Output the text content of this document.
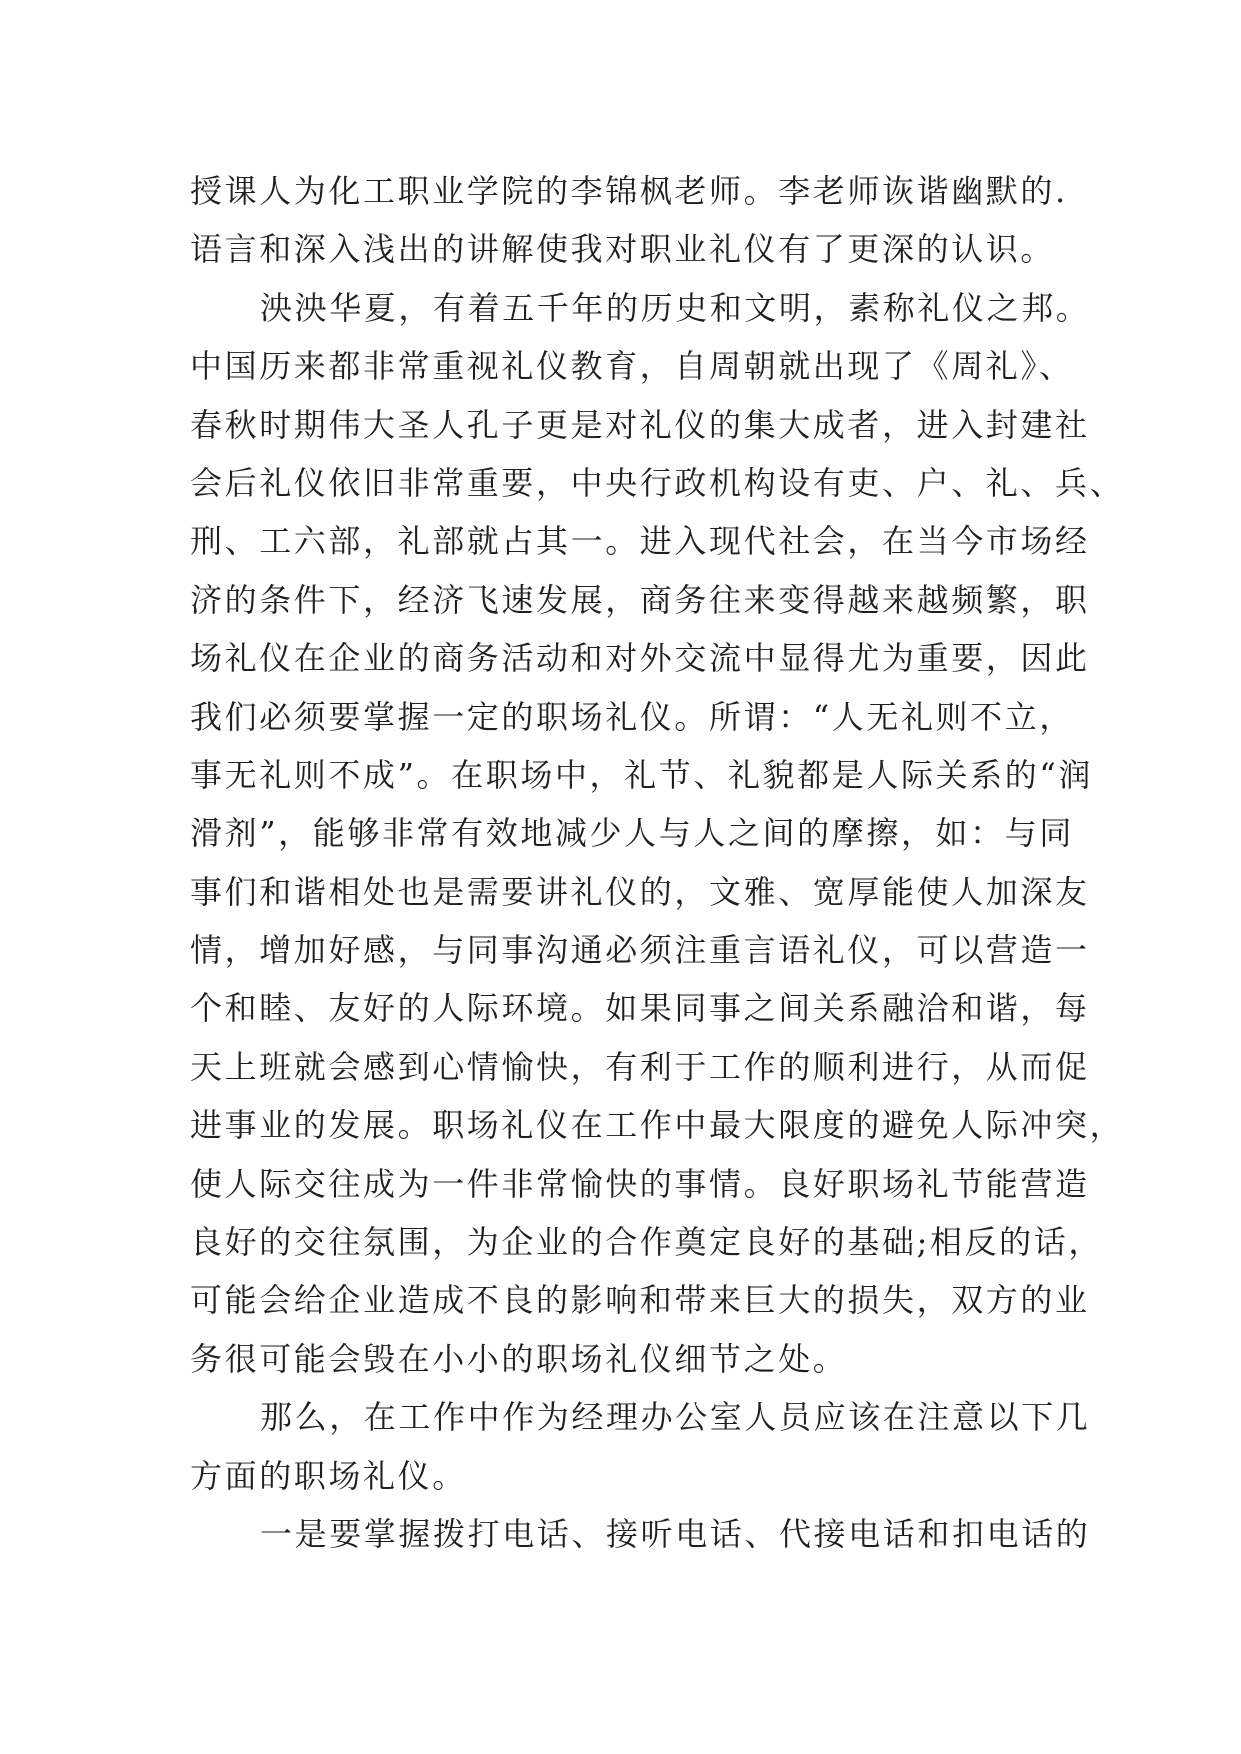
授课人为化工职业学院的李锦枫老师。李老师诙谐幽默的.
语言和深入浅出的讲解使我对职业礼仪有了更深的认识。
泱泱华夏，有着五千年的历史和文明，素称礼仪之邦。
中国历来都非常重视礼仪教育，自周朝就出现了《周礼》、
春秋时期伟大圣人孔子更是对礼仪的集大成者，进入封建社
会后礼仪依旧非常重要，中央行政机构设有吏、户、礼、兵、
刑、工六部，礼部就占其一。进入现代社会，在当今市场经
济的条件下，经济飞速发展，商务往来变得越来越频繁，职
场礼仪在企业的商务活动和对外交流中显得尤为重要，因此
我们必须要掌握一定的职场礼仪。所谓：“人无礼则不立，
事无礼则不成”。在职场中，礼节、礼貌都是人际关系的“润
滑剂”，能够非常有效地减少人与人之间的摩擦，如：与同
事们和谐相处也是需要讲礼仪的，文雅、宽厚能使人加深友
情，增加好感，与同事沟通必须注重言语礼仪，可以营造一
个和睦、友好的人际环境。如果同事之间关系融洽和谐，每
天上班就会感到心情愉快，有利于工作的顺利进行，从而促
进事业的发展。职场礼仪在工作中最大限度的避免人际冲突，
使人际交往成为一件非常愉快的事情。良好职场礼节能营造
良好的交往氛围，为企业的合作奠定良好的基础;相反的话，
可能会给企业造成不良的影响和带来巨大的损失，双方的业
务很可能会毁在小小的职场礼仪细节之处。
那么，在工作中作为经理办公室人员应该在注意以下几
方面的职场礼仪。
一是要掌握拨打电话、接听电话、代接电话和扣电话的
